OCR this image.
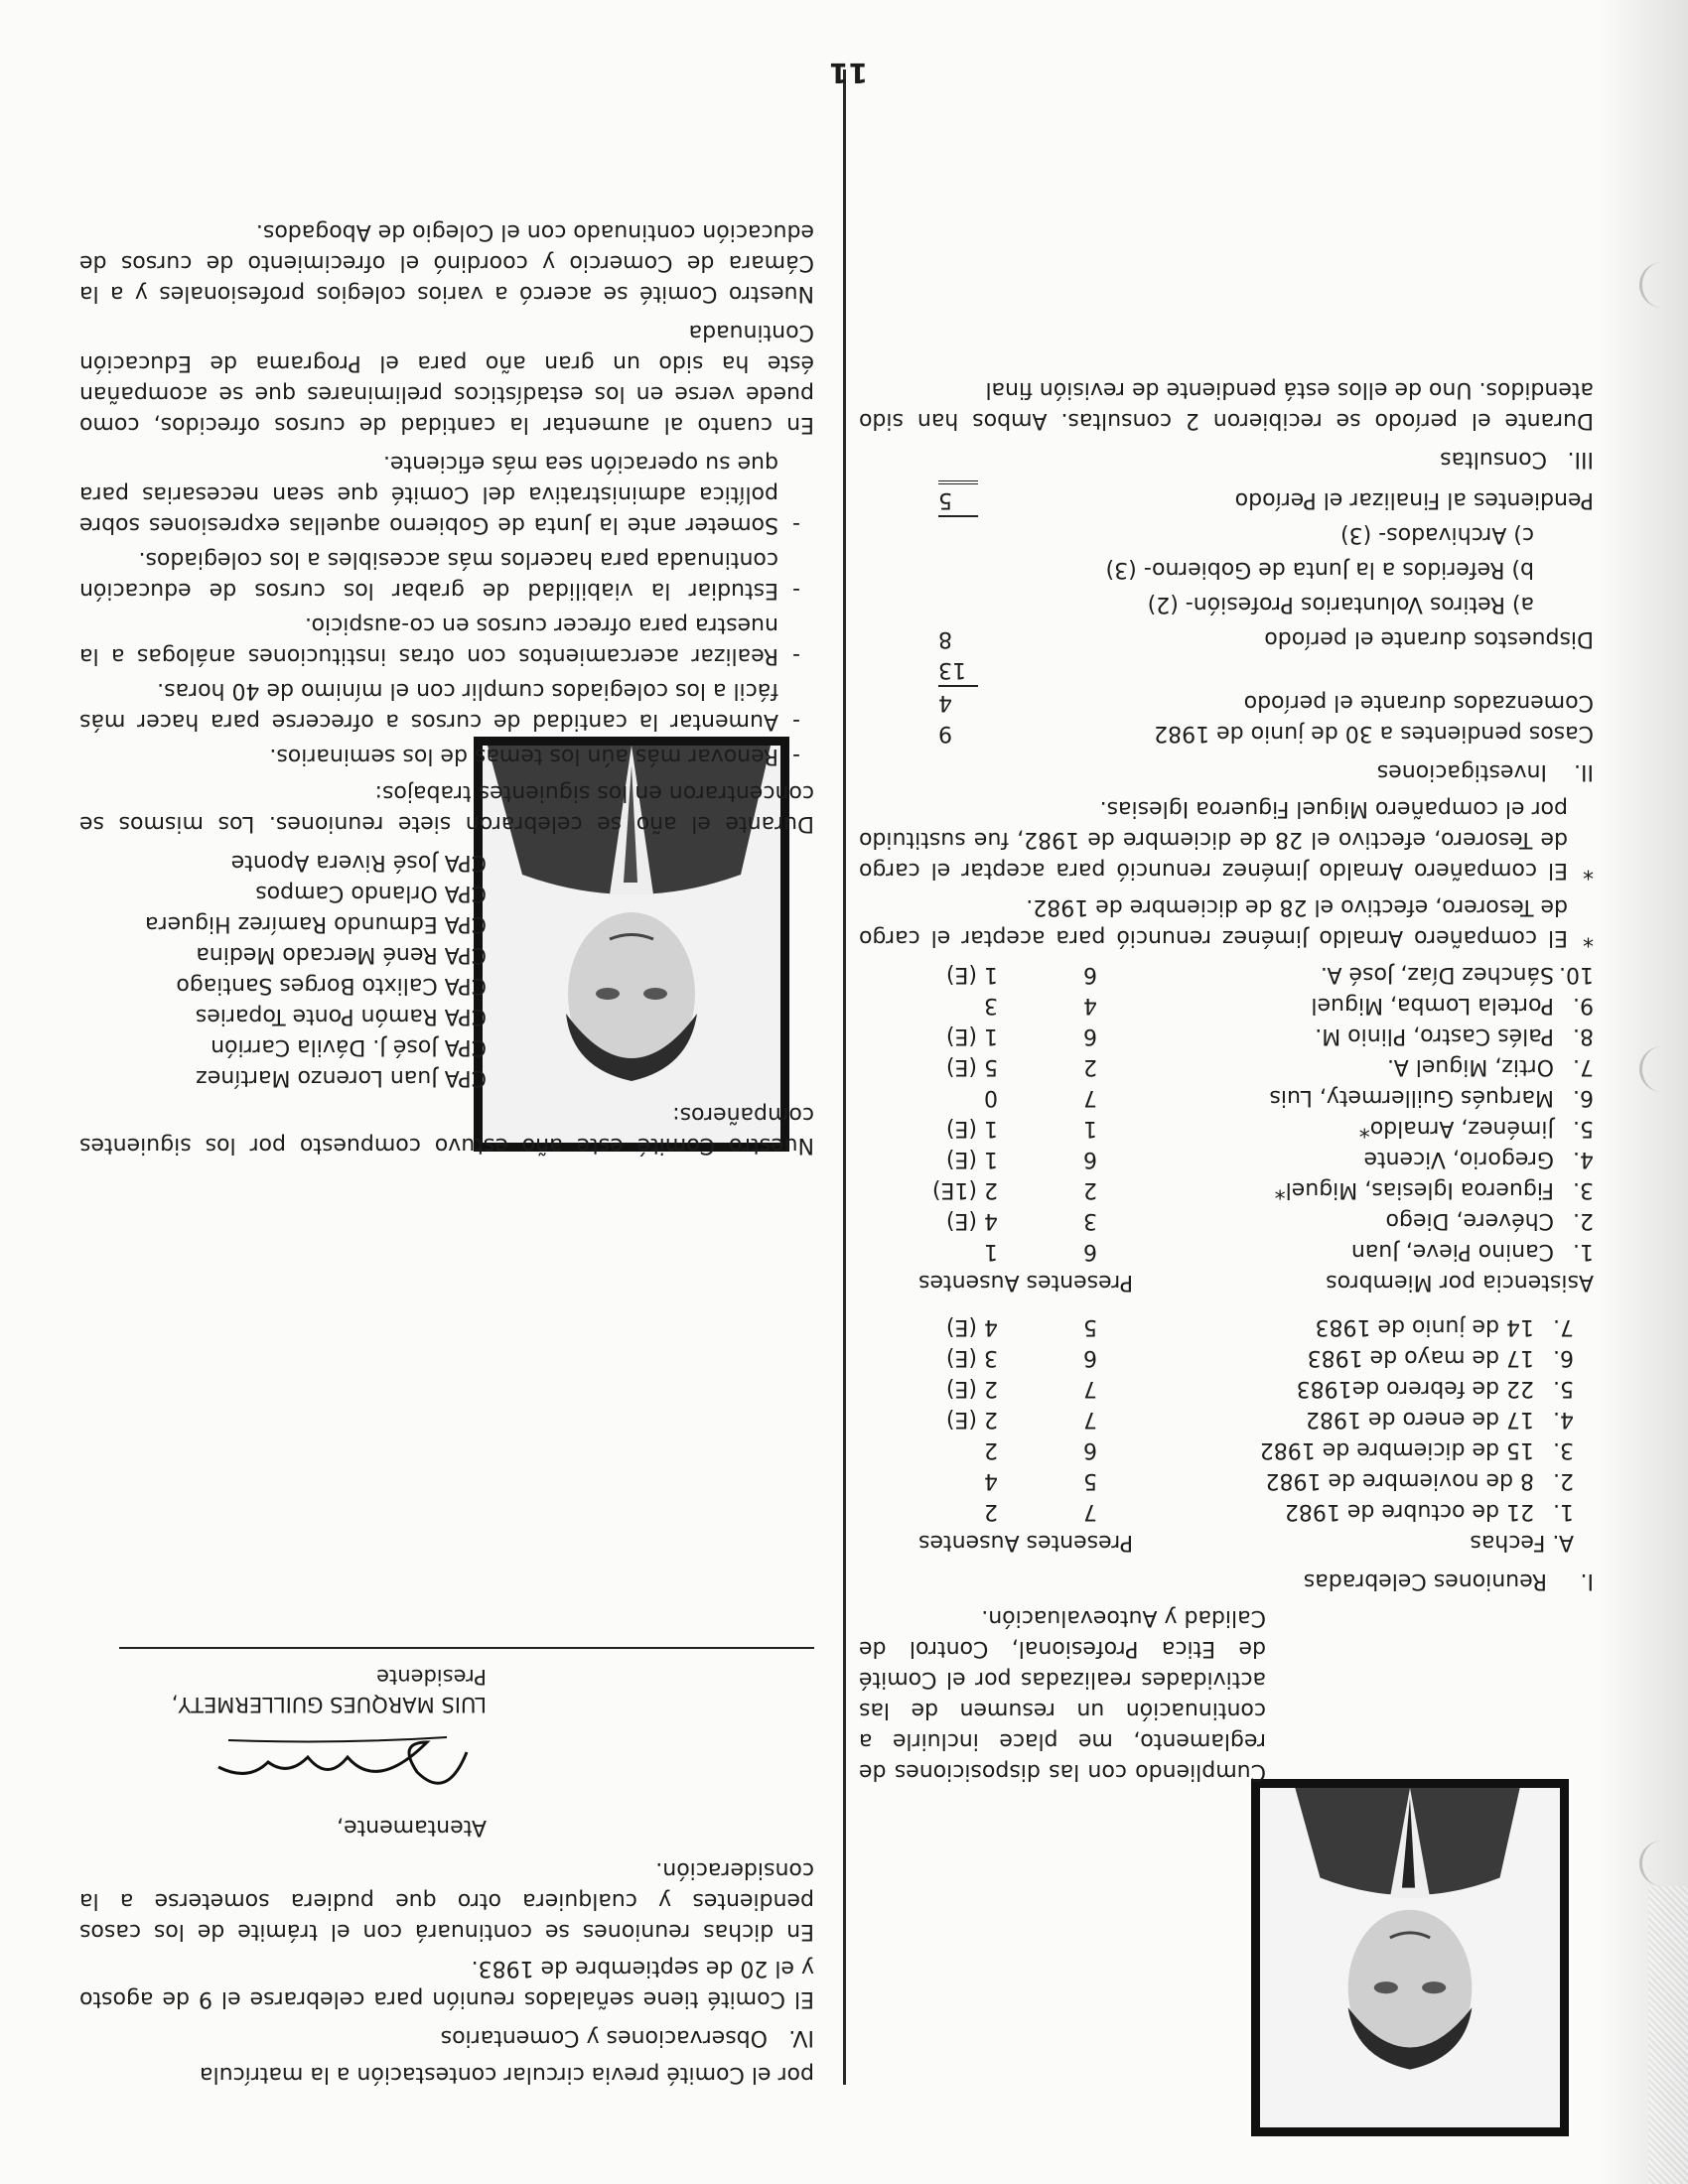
Cumpliendo con las disposiciones de reglamento, me place incluirle a continuación un resumen de las actividades realizadas por el Comité de Etica Profesional, Control de Calidad y Autoevaluación.

I. Reuniones Celebradas
A. Fechas
Presentes Ausentes
1.
21 de octubre de 1982
7
2
2.
8 de noviembre de 1982
5
4
3.
15 de diciembre de 1982
6
2
4.
17 de enero de 1982
7
2 (E)
5.
22 de febrero de1983
7
2 (E)
6.
17 de mayo de 1983
6
3 (E)
7.
14 de junio de 1983
5
4 (E)
Asistencia por Miembros
Presentes Ausentes
1.
Canino Pieve, Juan
6
1
2.
Chévere, Diego
3
4 (E)
3.
Figueroa Iglesias, Miguel*
2
2 (1E)
4.
Gregorio, Vicente
6
1 (E)
5.
Jiménez, Arnaldo*
1
1 (E)
6.
Marqués Guillermety, Luis
7
0
7.
Ortiz, Miguel A.
2
5 (E)
8.
Palés Castro, Plinio M.
6
1 (E)
9.
Portela Lomba, Miguel
4
3
10.
Sánchez Díaz, José A.
6
1 (E)
*
El compañero Arnaldo Jiménez renunció para aceptar el cargo de Tesorero, efectivo el 28 de diciembre de 1982.
*
El compañero Arnaldo Jiménez renunció para aceptar el cargo de Tesorero, efectivo el 28 de diciembre de 1982, fue sustituido por el compañero Miguel Figueroa Iglesias.
II. Investigaciones
Casos pendientes a 30 de junio de 1982
9
Comenzados durante el período
4
13
Dispuestos durante el período
8
a) Retiros Voluntarios Profesión- (2)
b) Referidos a la Junta de Gobierno- (3)
c) Archivados- (3)
Pendientes al Finalizar el Período
5
III. Consultas

Durante el período se recibieron 2 consultas. Ambos han sido atendidos. Uno de ellos está pendiente de revisión final

por el Comité previa circular contestación a la matrícula

IV. Observaciones y Comentarios

El Comité tiene señalados reunión para celebrarse el 9 de agosto y el 20 de septiembre de 1983.

En dichas reuniones se continuará con el trámite de los casos pendientes y cualquiera otro que pudiera someterse a la consideración.

Atentamente,
LUIS MARQUES GUILLERMETY,
Presidente

Nuestro Comité este año estuvo compuesto por los siguientes compañeros:

CPA Juan Lorenzo Martínez
CPA José J. Dávila Carrión
CPA Ramón Ponte Toparies
CPA Calixto Borges Santiago
CPA René Mercado Medina
CPA Edmundo Ramírez Higuera
CPA Orlando Campos
CPA José Rivera Aponte

Durante el año se celebraron siete reuniones. Los mismos se concentraron en los siguientes trabajos:

-
Renovar más aún los temas de los seminarios.
-
Aumentar la cantidad de cursos a ofrecerse para hacer más fácil a los colegiados cumplir con el mínimo de 40 horas.
-
Realizar acercamientos con otras instituciones análogas a la nuestra para ofrecer cursos en co-auspicio.
-
Estudiar la viabilidad de grabar los cursos de educación continuada para hacerlos más accesibles a los colegiados.
-
Someter ante la Junta de Gobierno aquellas expresiones sobre política administrativa del Comité que sean necesarias para que su operación sea más eficiente.

En cuanto al aumentar la cantidad de cursos ofrecidos, como puede verse en los estadísticos preliminares que se acompañan éste ha sido un gran año para el Programa de Educación Continuada

Nuestro Comité se acercó a varios colegios profesionales y a la Cámara de Comercio y coordinó el ofrecimiento de cursos de educación continuado con el Colegio de Abogados.

11
